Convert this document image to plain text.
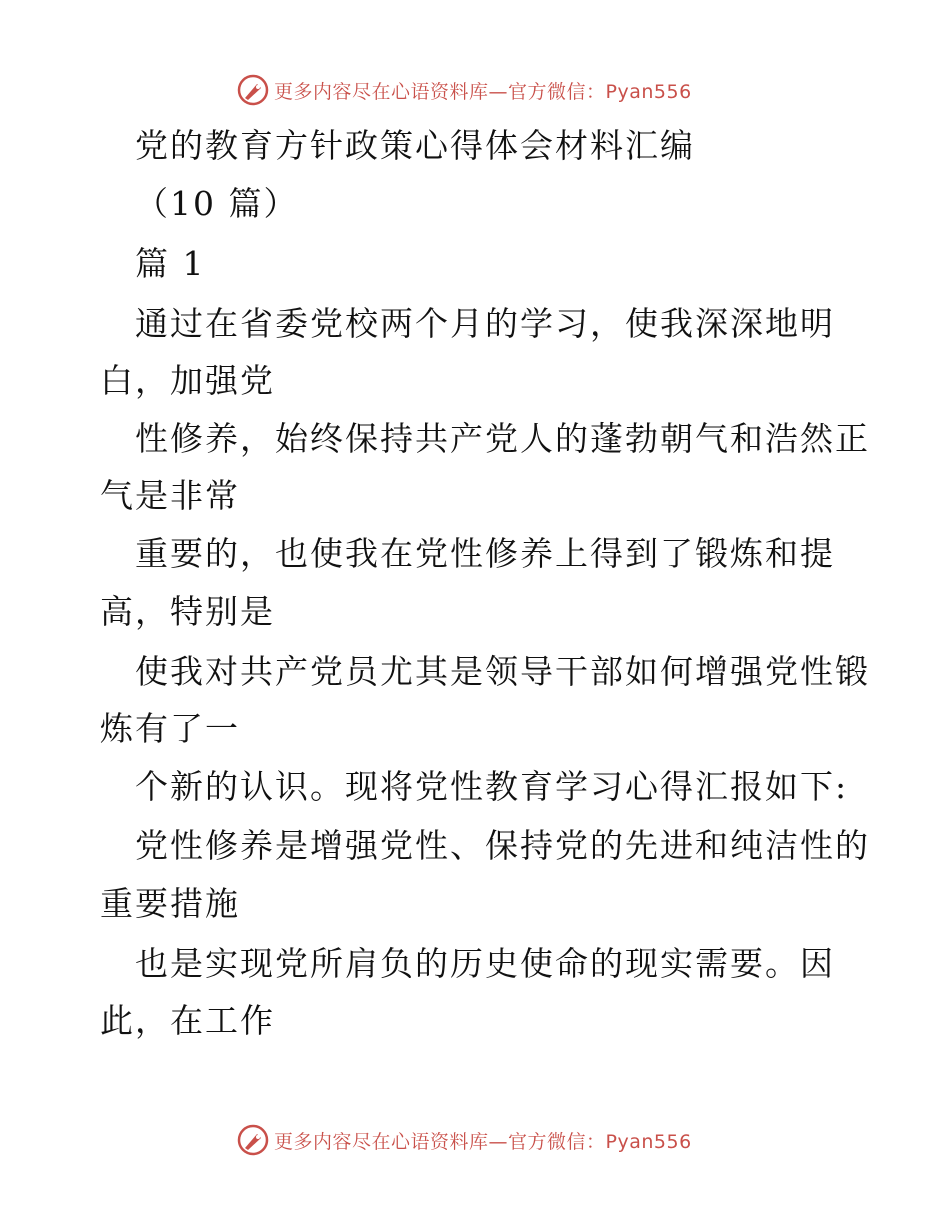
更多内容尽在心语资料库—官方微信：Pyan556
党的教育方针政策心得体会材料汇编
（10 篇）
篇 1
通过在省委党校两个月的学习，使我深深地明
白，加强党
性修养，始终保持共产党人的蓬勃朝气和浩然正
气是非常
重要的，也使我在党性修养上得到了锻炼和提
高，特别是
使我对共产党员尤其是领导干部如何增强党性锻
炼有了一
个新的认识。现将党性教育学习心得汇报如下:
党性修养是增强党性、保持党的先进和纯洁性的
重要措施
也是实现党所肩负的历史使命的现实需要。因
此，在工作
更多内容尽在心语资料库—官方微信：Pyan556
